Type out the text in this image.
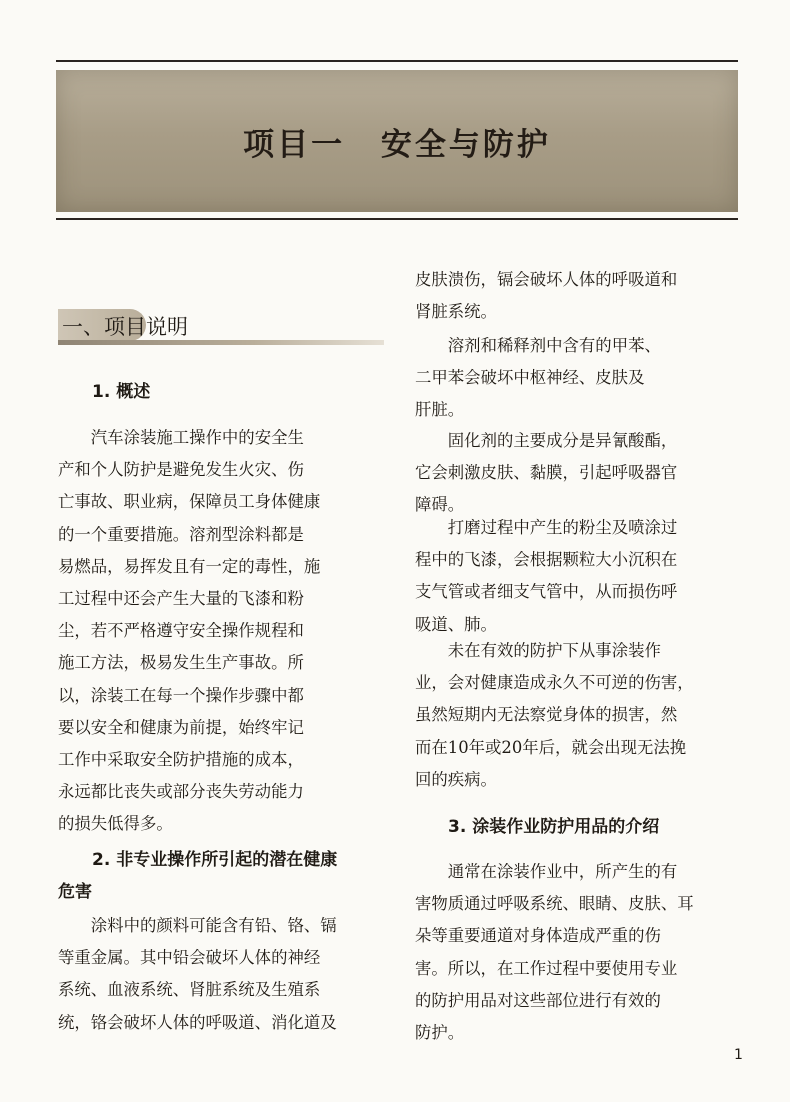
项目一 安全与防护
一、项目说明
1. 概述
汽车涂装施工操作中的安全生
产和个人防护是避免发生火灾、伤
亡事故、职业病，保障员工身体健康
的一个重要措施。溶剂型涂料都是
易燃品，易挥发且有一定的毒性，施
工过程中还会产生大量的飞漆和粉
尘，若不严格遵守安全操作规程和
施工方法，极易发生生产事故。所
以，涂装工在每一个操作步骤中都
要以安全和健康为前提，始终牢记
工作中采取安全防护措施的成本，
永远都比丧失或部分丧失劳动能力
的损失低得多。
2. 非专业操作所引起的潜在健康
危害
涂料中的颜料可能含有铅、铬、镉
等重金属。其中铅会破坏人体的神经
系统、血液系统、肾脏系统及生殖系
统，铬会破坏人体的呼吸道、消化道及
皮肤溃伤，镉会破坏人体的呼吸道和
肾脏系统。
溶剂和稀释剂中含有的甲苯、
二甲苯会破坏中枢神经、皮肤及
肝脏。
固化剂的主要成分是异氰酸酯，
它会刺激皮肤、黏膜，引起呼吸器官
障碍。
打磨过程中产生的粉尘及喷涂过
程中的飞漆，会根据颗粒大小沉积在
支气管或者细支气管中，从而损伤呼
吸道、肺。
未在有效的防护下从事涂装作
业，会对健康造成永久不可逆的伤害，
虽然短期内无法察觉身体的损害，然
而在10年或20年后，就会出现无法挽
回的疾病。
3. 涂装作业防护用品的介绍
通常在涂装作业中，所产生的有
害物质通过呼吸系统、眼睛、皮肤、耳
朵等重要通道对身体造成严重的伤
害。所以，在工作过程中要使用专业
的防护用品对这些部位进行有效的
防护。
1
